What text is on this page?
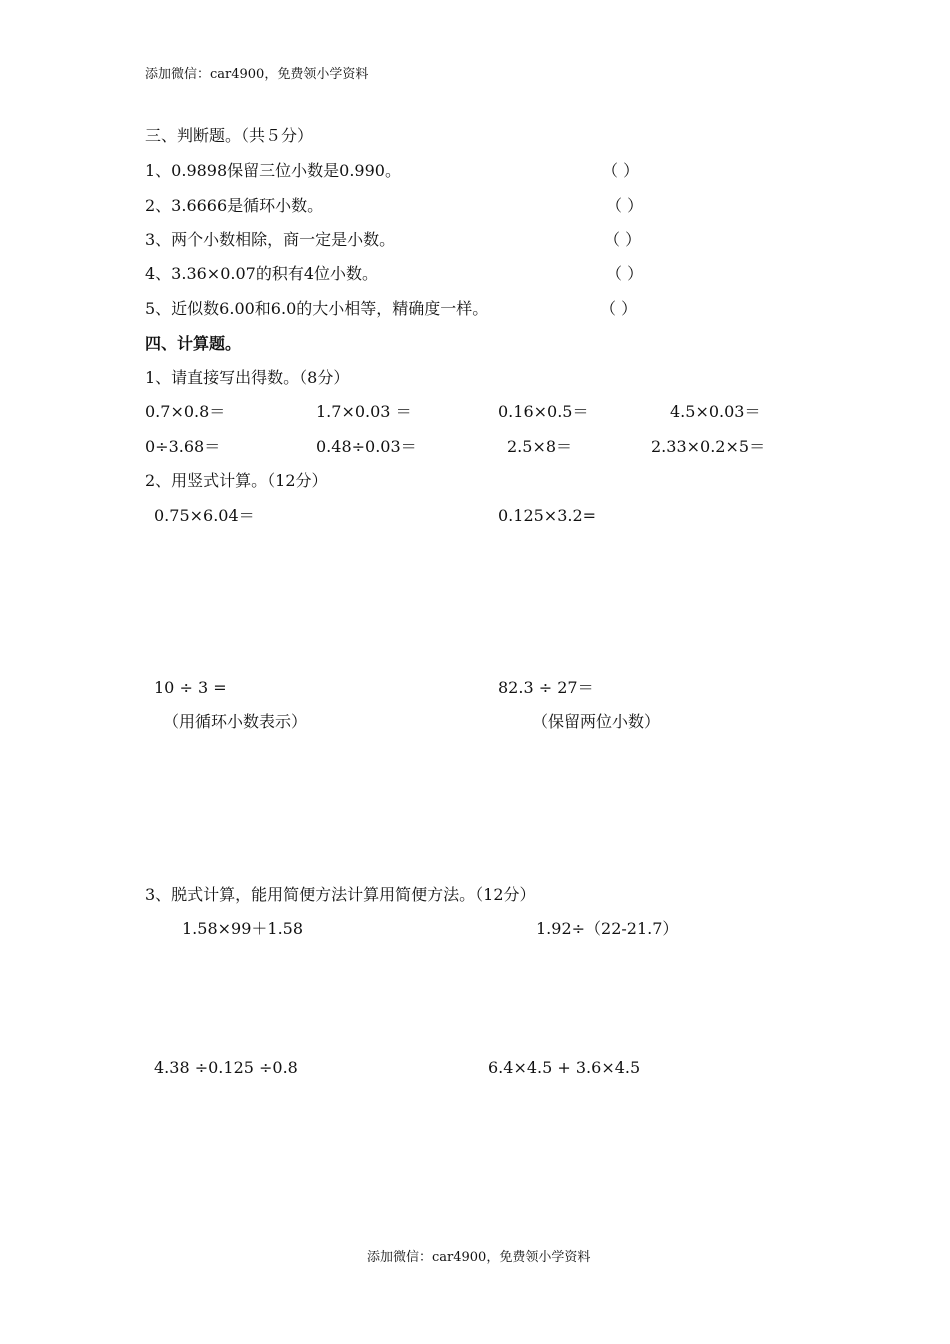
添加微信：car4900，免费领小学资料
三、判断题。（共５分）
1、0.9898保留三位小数是0.990。	（ ）
2、3.6666是循环小数。	（ ）
3、两个小数相除，商一定是小数。	（ ）
4、3.36×0.07的积有4位小数。	（ ）
5、近似数6.00和6.0的大小相等，精确度一样。	（ ）
四、计算题。
1、请直接写出得数。（8分）
0.7×0.8＝	1.7×0.03 ＝	0.16×0.5＝	4.5×0.03＝
0÷3.68＝	0.48÷0.03＝	2.5×8＝	2.33×0.2×5＝
2、用竖式计算。（12分）
0.75×6.04＝	0.125×3.2=
10 ÷ 3 =	82.3 ÷ 27＝
（用循环小数表示）	（保留两位小数）
3、脱式计算，能用简便方法计算用简便方法。（12分）
1.58×99＋1.58	1.92÷（22-21.7）
4.38 ÷0.125 ÷0.8	6.4×4.5 + 3.6×4.5
添加微信：car4900，免费领小学资料
